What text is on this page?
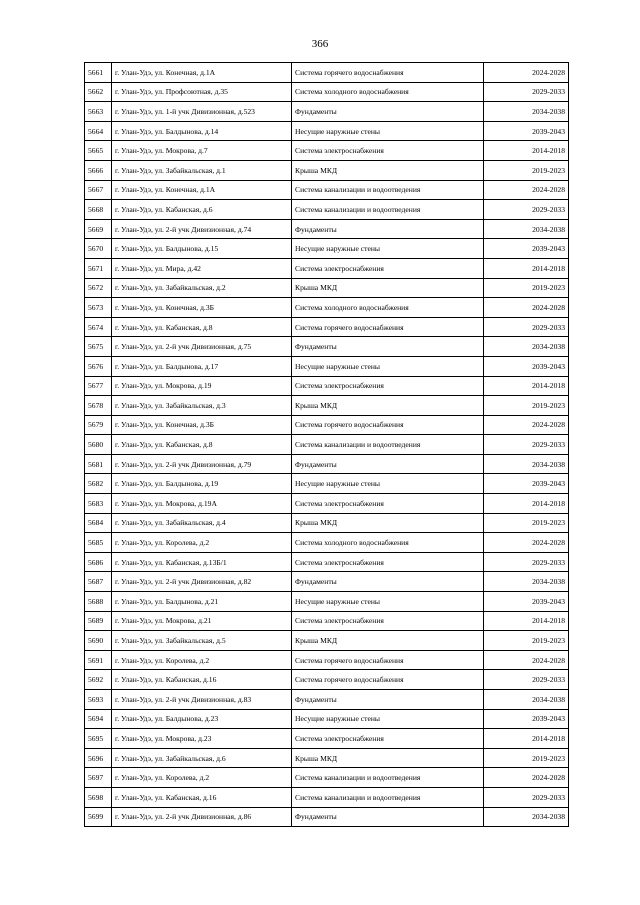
366
5661	г. Улан-Удэ, ул. Конечная, д.1А	Система горячего водоснабжения	2024-2028
5662	г. Улан-Удэ, ул. Профсоютная, д.35	Система холодного водоснабжения	2029-2033
5663	г. Улан-Удэ, ул. 1-й учк Дивизионная, д.523	Фундаменты	2034-2038
5664	г. Улан-Удэ, ул. Балдынова, д.14	Несущие наружные стены	2039-2043
5665	г. Улан-Удэ, ул. Мокрова, д.7	Система электроснабжения	2014-2018
5666	г. Улан-Удэ, ул. Забайкальская, д.1	Крыша МКД	2019-2023
5667	г. Улан-Удэ, ул. Конечная, д.1А	Система канализации и водоотведения	2024-2028
5668	г. Улан-Удэ, ул. Кабанская, д.6	Система канализации и водоотведения	2029-2033
5669	г. Улан-Удэ, ул. 2-й учк Дивизионная, д.74	Фундаменты	2034-2038
5670	г. Улан-Удэ, ул. Балдынова, д.15	Несущие наружные стены	2039-2043
5671	г. Улан-Удэ, ул. Мира, д.42	Система электроснабжения	2014-2018
5672	г. Улан-Удэ, ул. Забайкальская, д.2	Крыша МКД	2019-2023
5673	г. Улан-Удэ, ул. Конечная, д.3Б	Система холодного водоснабжения	2024-2028
5674	г. Улан-Удэ, ул. Кабанская, д.8	Система горячего водоснабжения	2029-2033
5675	г. Улан-Удэ, ул. 2-й учк Дивизионная, д.75	Фундаменты	2034-2038
5676	г. Улан-Удэ, ул. Балдынова, д.17	Несущие наружные стены	2039-2043
5677	г. Улан-Удэ, ул. Мокрова, д.19	Система электроснабжения	2014-2018
5678	г. Улан-Удэ, ул. Забайкальская, д.3	Крыша МКД	2019-2023
5679	г. Улан-Удэ, ул. Конечная, д.3Б	Система горячего водоснабжения	2024-2028
5680	г. Улан-Удэ, ул. Кабанская, д.8	Система канализации и водоотведения	2029-2033
5681	г. Улан-Удэ, ул. 2-й учк Дивизионная, д.79	Фундаменты	2034-2038
5682	г. Улан-Удэ, ул. Балдынова, д.19	Несущие наружные стены	2039-2043
5683	г. Улан-Удэ, ул. Мокрова, д.19А	Система электроснабжения	2014-2018
5684	г. Улан-Удэ, ул. Забайкальская, д.4	Крыша МКД	2019-2023
5685	г. Улан-Удэ, ул. Королева, д.2	Система холодного водоснабжения	2024-2028
5686	г. Улан-Удэ, ул. Кабанская, д.13Б/1	Система электроснабжения	2029-2033
5687	г. Улан-Удэ, ул. 2-й учк Дивизионная, д.82	Фундаменты	2034-2038
5688	г. Улан-Удэ, ул. Балдынова, д.21	Несущие наружные стены	2039-2043
5689	г. Улан-Удэ, ул. Мокрова, д.21	Система электроснабжения	2014-2018
5690	г. Улан-Удэ, ул. Забайкальская, д.5	Крыша МКД	2019-2023
5691	г. Улан-Удэ, ул. Королева, д.2	Система горячего водоснабжения	2024-2028
5692	г. Улан-Удэ, ул. Кабанская, д.16	Система горячего водоснабжения	2029-2033
5693	г. Улан-Удэ, ул. 2-й учк Дивизионная, д.83	Фундаменты	2034-2038
5694	г. Улан-Удэ, ул. Балдынова, д.23	Несущие наружные стены	2039-2043
5695	г. Улан-Удэ, ул. Мокрова, д.23	Система электроснабжения	2014-2018
5696	г. Улан-Удэ, ул. Забайкальская, д.6	Крыша МКД	2019-2023
5697	г. Улан-Удэ, ул. Королева, д.2	Система канализации и водоотведения	2024-2028
5698	г. Улан-Удэ, ул. Кабанская, д.16	Система канализации и водоотведения	2029-2033
5699	г. Улан-Удэ, ул. 2-й учк Дивизионная, д.86	Фундаменты	2034-2038
